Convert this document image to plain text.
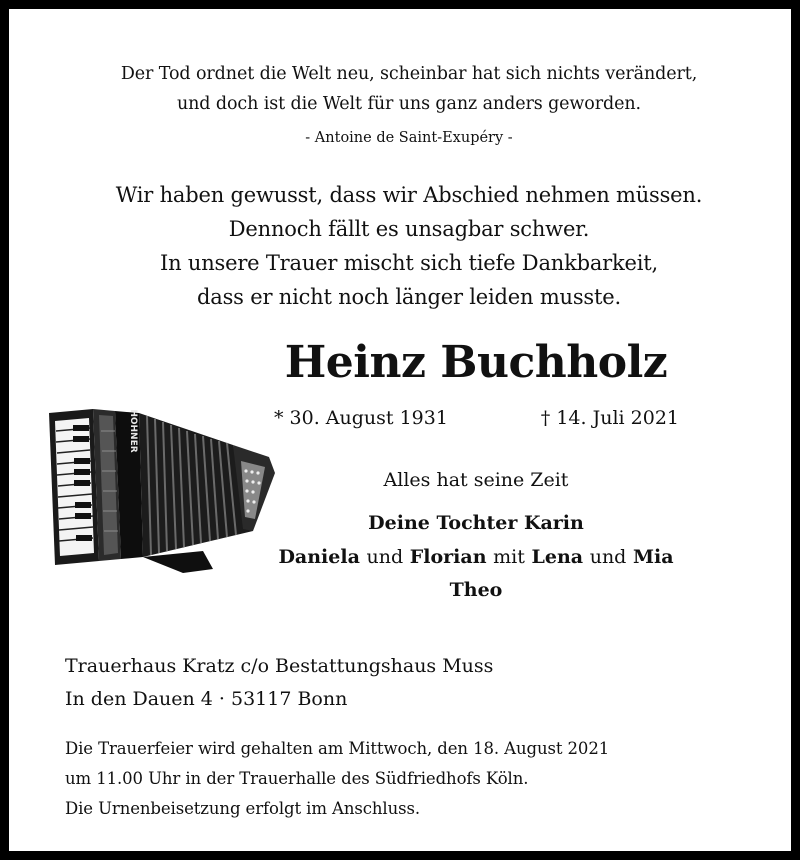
Der Tod ordnet die Welt neu, scheinbar hat sich nichts verändert,
und doch ist die Welt für uns ganz anders geworden.
- Antoine de Saint-Exupéry -
Wir haben gewusst, dass wir Abschied nehmen müssen.
Dennoch fällt es unsagbar schwer.
In unsere Trauer mischt sich tiefe Dankbarkeit,
dass er nicht noch länger leiden musste.
Heinz Buchholz
* 30. August 1931	† 14. Juli 2021
HOHNER
Alles hat seine Zeit
Deine Tochter Karin
Daniela und Florian mit Lena und Mia
Theo
Trauerhaus Kratz c/o Bestattungshaus Muss
In den Dauen 4 · 53117 Bonn
Die Trauerfeier wird gehalten am Mittwoch, den 18. August 2021
um 11.00 Uhr in der Trauerhalle des Südfriedhofs Köln.
Die Urnenbeisetzung erfolgt im Anschluss.
